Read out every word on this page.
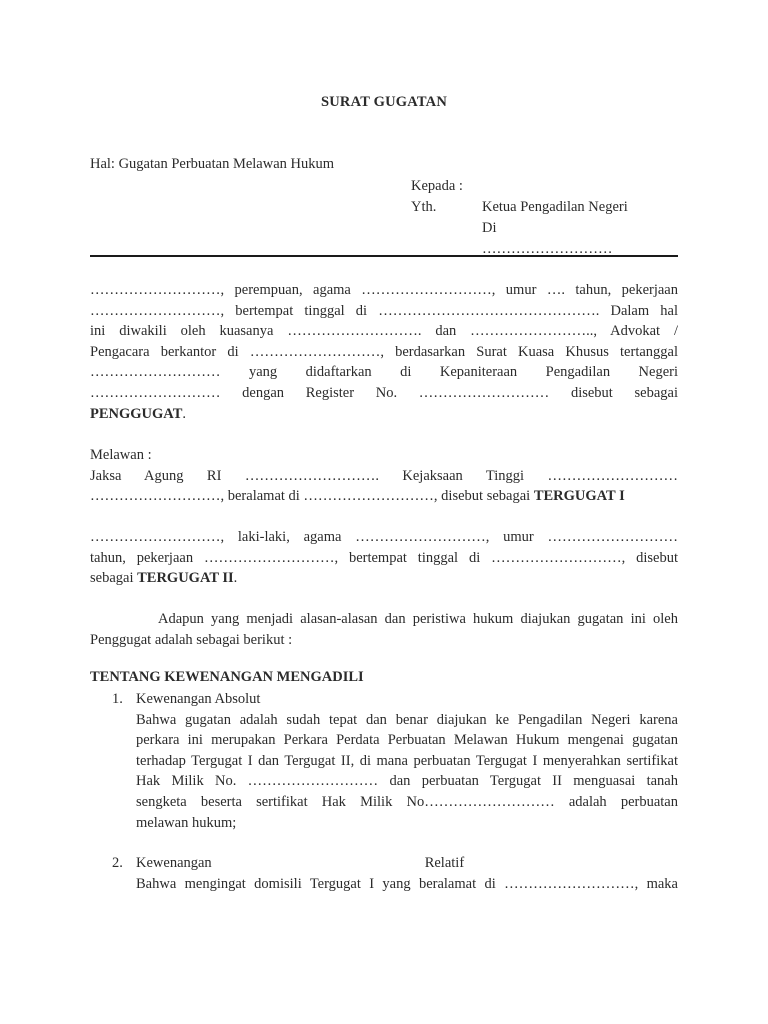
SURAT GUGATAN
Hal: Gugatan Perbuatan Melawan Hukum
Kepada :
Yth.	Ketua Pengadilan Negeri
Di
………………………
………………………, perempuan, agama ………………………, umur …. tahun, pekerjaan
………………………, bertempat tinggal di ………………………………………. Dalam hal
ini diwakili oleh kuasanya ………………………. dan …………………….., Advokat /
Pengacara berkantor di ………………………, berdasarkan Surat Kuasa Khusus tertanggal
……………………… yang didaftarkan di Kepaniteraan Pengadilan Negeri
……………………… dengan Register No. ……………………… disebut sebagai
PENGGUGAT.
Melawan :
Jaksa Agung RI ………………………. Kejaksaan Tinggi ………………………
………………………, beralamat di ………………………, disebut sebagai TERGUGAT I
………………………, laki-laki, agama ………………………, umur ………………………
tahun, pekerjaan ………………………, bertempat tinggal di ………………………, disebut
sebagai TERGUGAT II.
Adapun yang menjadi alasan-alasan dan peristiwa hukum diajukan gugatan ini oleh
Penggugat adalah sebagai berikut :
TENTANG KEWENANGAN MENGADILI
1. Kewenangan Absolut
Bahwa gugatan adalah sudah tepat dan benar diajukan ke Pengadilan Negeri karena
perkara ini merupakan Perkara Perdata Perbuatan Melawan Hukum mengenai gugatan
terhadap Tergugat I dan Tergugat II, di mana perbuatan Tergugat I menyerahkan sertifikat
Hak Milik No. ……………………… dan perbuatan Tergugat II menguasai tanah
sengketa beserta sertifikat Hak Milik No……………………… adalah perbuatan
melawan hukum;
2. Kewenangan	Relatif
Bahwa mengingat domisili Tergugat I yang beralamat di ………………………, maka
